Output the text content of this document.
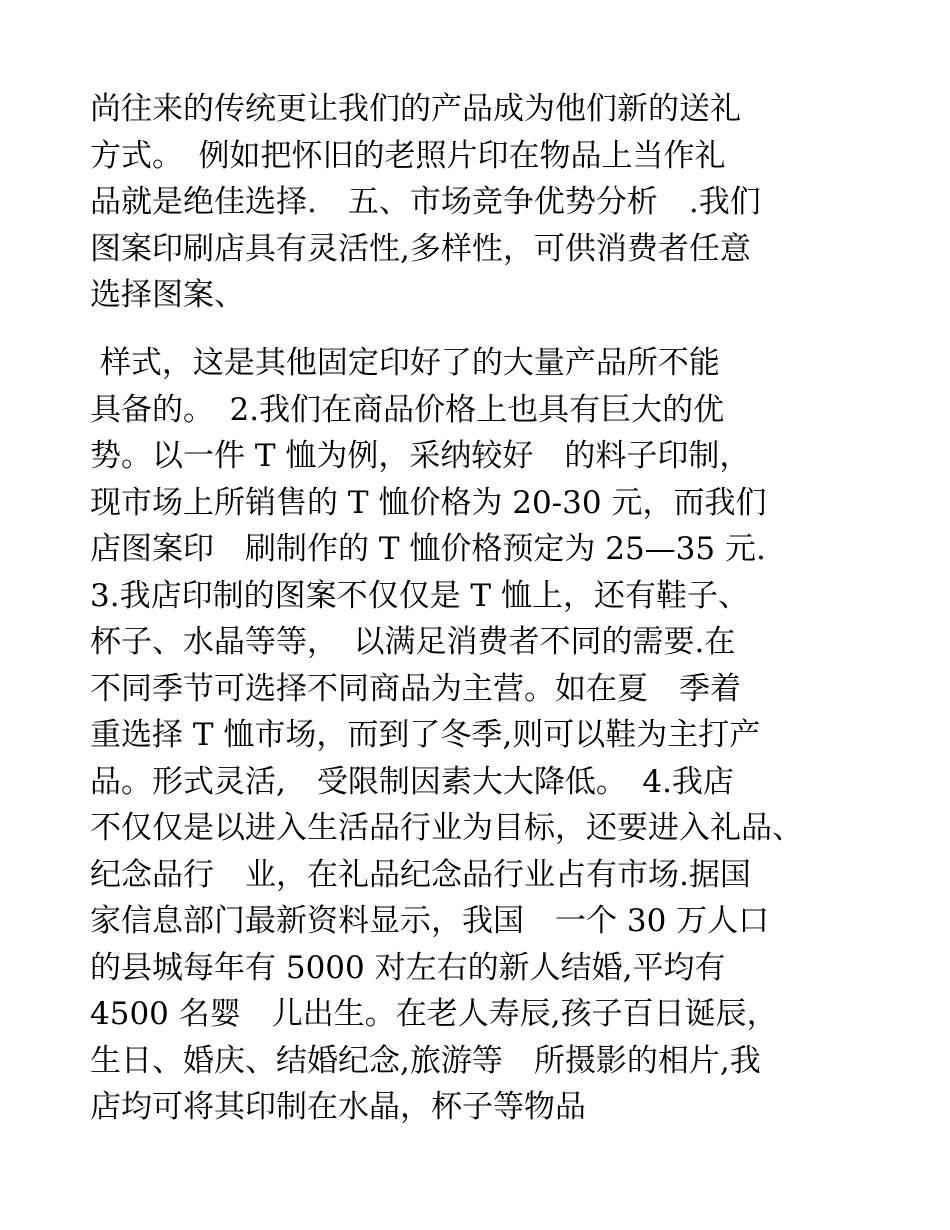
尚往来的传统更让我们的产品成为他们新的送礼
方式。　例如把怀旧的老照片印在物品上当作礼
品就是绝佳选择.　五、市场竞争优势分析　.我们
图案印刷店具有灵活性,多样性，可供消费者任意
选择图案、
样式，这是其他固定印好了的大量产品所不能
具备的。　2.我们在商品价格上也具有巨大的优
势。以一件 T 恤为例，采纳较好　的料子印制，
现市场上所销售的 T 恤价格为 20-30 元，而我们
店图案印　刷制作的 T 恤价格预定为 25—35 元.
3.我店印制的图案不仅仅是 T 恤上，还有鞋子、
杯子、水晶等等，　以满足消费者不同的需要.在
不同季节可选择不同商品为主营。如在夏　季着
重选择 T 恤市场，而到了冬季,则可以鞋为主打产
品。形式灵活,　受限制因素大大降低。　4.我店
不仅仅是以进入生活品行业为目标，还要进入礼品、
纪念品行　业，在礼品纪念品行业占有市场.据国
家信息部门最新资料显示，我国　一个 30 万人口
的县城每年有 5000 对左右的新人结婚,平均有
4500 名婴　儿出生。在老人寿辰,孩子百日诞辰，
生日、婚庆、结婚纪念,旅游等　所摄影的相片,我
店均可将其印制在水晶，杯子等物品
